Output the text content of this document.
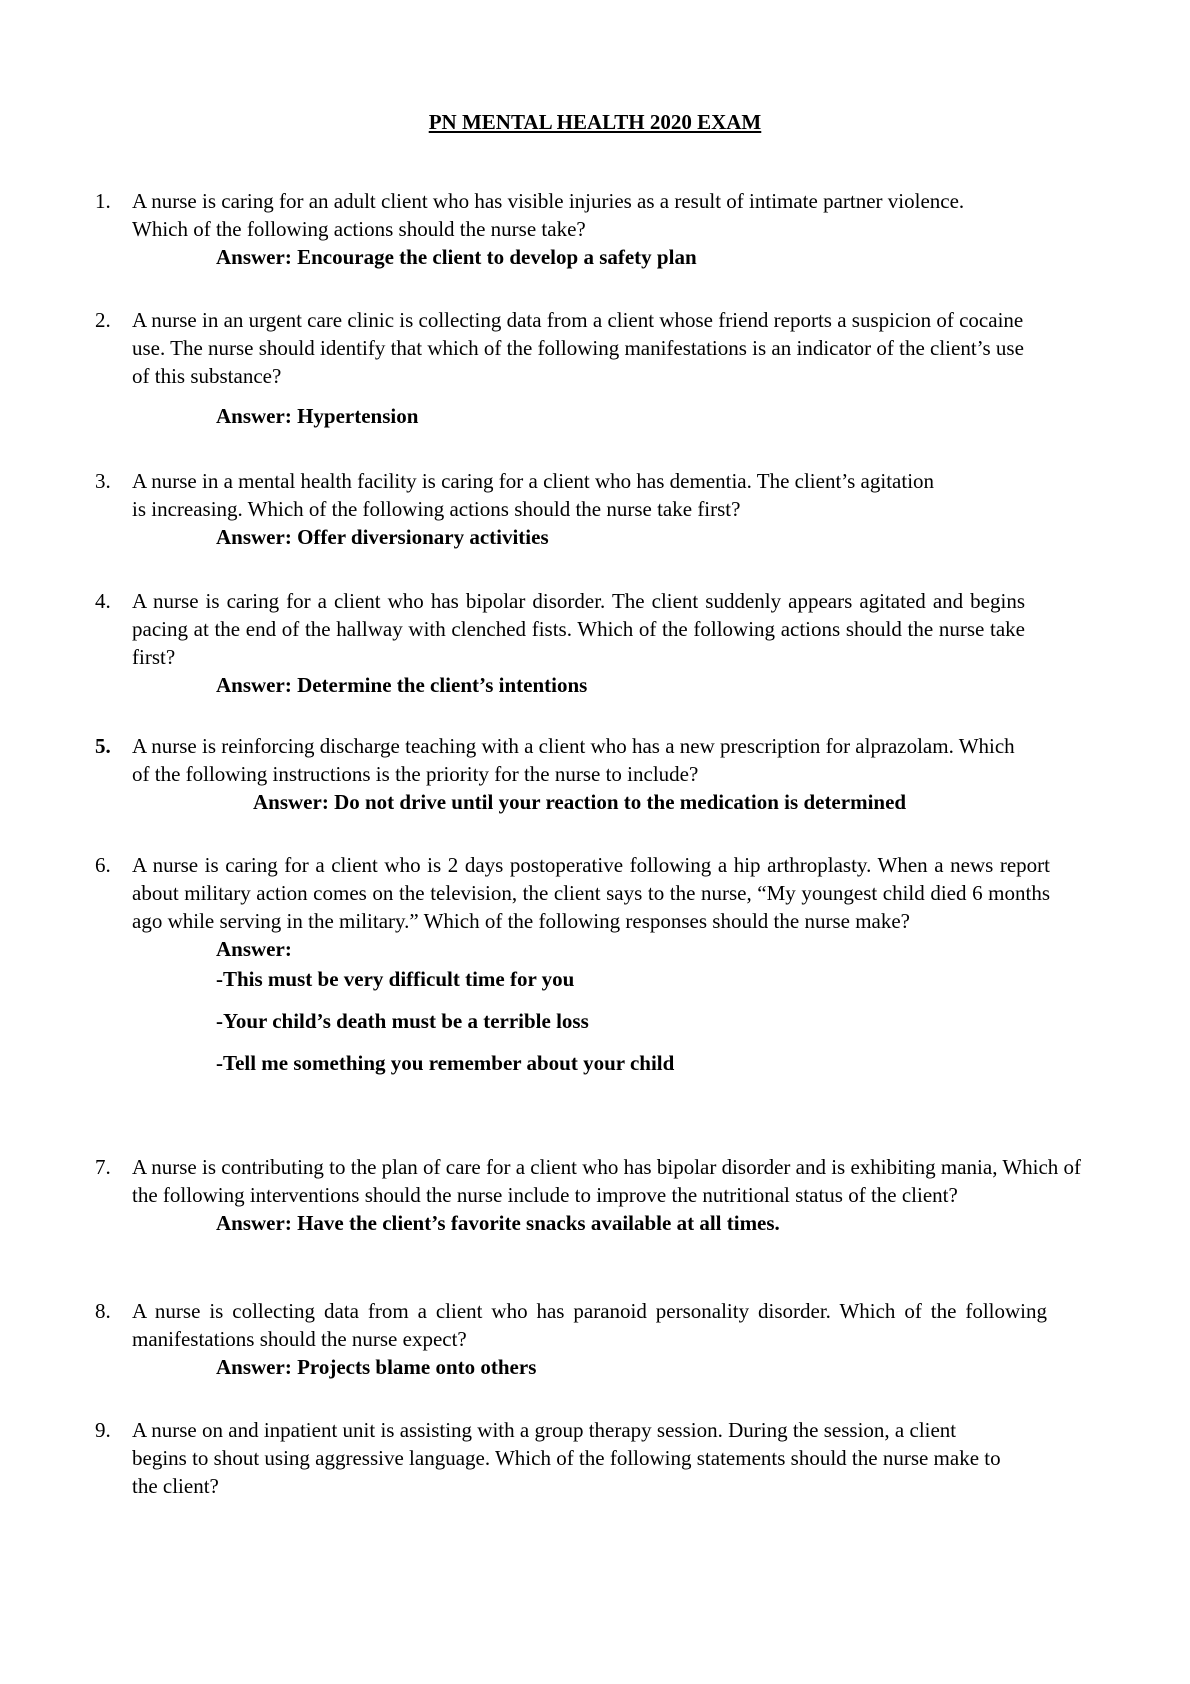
PN MENTAL HEALTH 2020 EXAM
1.	A nurse is caring for an adult client who has visible injuries as a result of intimate partner violence. Which of the following actions should the nurse take?
Answer: Encourage the client to develop a safety plan
2.	A nurse in an urgent care clinic is collecting data from a client whose friend reports a suspicion of cocaine use. The nurse should identify that which of the following manifestations is an indicator of the client’s use of this substance?
Answer: Hypertension
3.	A nurse in a mental health facility is caring for a client who has dementia. The client’s agitation is increasing. Which of the following actions should the nurse take first?
Answer: Offer diversionary activities
4.	A nurse is caring for a client who has bipolar disorder. The client suddenly appears agitated and begins pacing at the end of the hallway with clenched fists. Which of the following actions should the nurse take first?
Answer: Determine the client’s intentions
5.	A nurse is reinforcing discharge teaching with a client who has a new prescription for alprazolam. Which of the following instructions is the priority for the nurse to include?
Answer: Do not drive until your reaction to the medication is determined
6.	A nurse is caring for a client who is 2 days postoperative following a hip arthroplasty. When a news report about military action comes on the television, the client says to the nurse, “My youngest child died 6 months ago while serving in the military.” Which of the following responses should the nurse make?
Answer:
-This must be very difficult time for you
-Your child’s death must be a terrible loss
-Tell me something you remember about your child
7.	A nurse is contributing to the plan of care for a client who has bipolar disorder and is exhibiting mania, Which of the following interventions should the nurse include to improve the nutritional status of the client?
Answer: Have the client’s favorite snacks available at all times.
8.	A nurse is collecting data from a client who has paranoid personality disorder. Which of the following manifestations should the nurse expect?
Answer: Projects blame onto others
9.	A nurse on and inpatient unit is assisting with a group therapy session. During the session, a client begins to shout using aggressive language. Which of the following statements should the nurse make to the client?
